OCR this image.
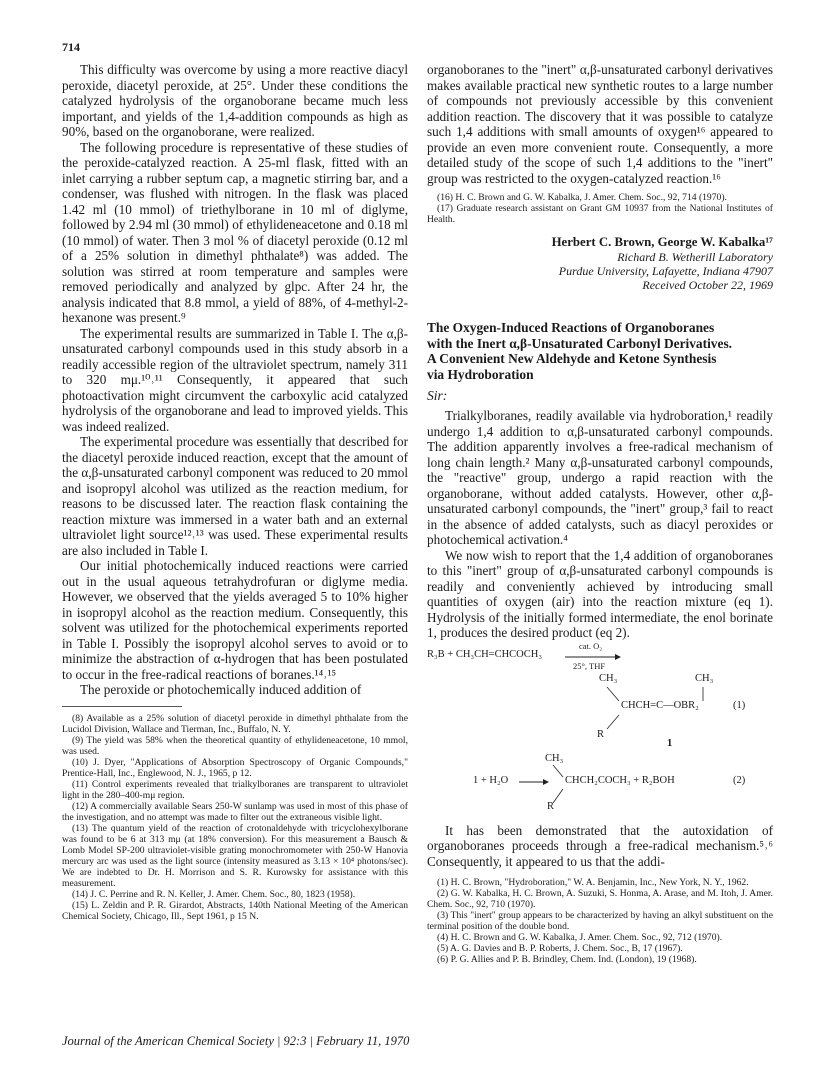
714

This difficulty was overcome by using a more reactive diacyl peroxide, diacetyl peroxide, at 25°. Under these conditions the catalyzed hydrolysis of the organoborane became much less important, and yields of the 1,4-addition compounds as high as 90%, based on the organoborane, were realized.

The following procedure is representative of these studies of the peroxide-catalyzed reaction. A 25-ml flask, fitted with an inlet carrying a rubber septum cap, a magnetic stirring bar, and a condenser, was flushed with nitrogen. In the flask was placed 1.42 ml (10 mmol) of triethylborane in 10 ml of diglyme, followed by 2.94 ml (30 mmol) of ethylideneacetone and 0.18 ml (10 mmol) of water. Then 3 mol % of diacetyl peroxide (0.12 ml of a 25% solution in dimethyl phthalate⁸) was added. The solution was stirred at room temperature and samples were removed periodically and analyzed by glpc. After 24 hr, the analysis indicated that 8.8 mmol, a yield of 88%, of 4-methyl-2-hexanone was present.⁹

The experimental results are summarized in Table I. The α,β-unsaturated carbonyl compounds used in this study absorb in a readily accessible region of the ultraviolet spectrum, namely 311 to 320 mμ.¹⁰˒¹¹ Consequently, it appeared that such photoactivation might circumvent the carboxylic acid catalyzed hydrolysis of the organoborane and lead to improved yields. This was indeed realized.

The experimental procedure was essentially that described for the diacetyl peroxide induced reaction, except that the amount of the α,β-unsaturated carbonyl component was reduced to 20 mmol and isopropyl alcohol was utilized as the reaction medium, for reasons to be discussed later. The reaction flask containing the reaction mixture was immersed in a water bath and an external ultraviolet light source¹²˒¹³ was used. These experimental results are also included in Table I.

Our initial photochemically induced reactions were carried out in the usual aqueous tetrahydrofuran or diglyme media. However, we observed that the yields averaged 5 to 10% higher in isopropyl alcohol as the reaction medium. Consequently, this solvent was utilized for the photochemical experiments reported in Table I. Possibly the isopropyl alcohol serves to avoid or to minimize the abstraction of α-hydrogen that has been postulated to occur in the free-radical reactions of boranes.¹⁴˒¹⁵

The peroxide or photochemically induced addition of

(8) Available as a 25% solution of diacetyl peroxide in dimethyl phthalate from the Lucidol Division, Wallace and Tierman, Inc., Buffalo, N. Y.

(9) The yield was 58% when the theoretical quantity of ethylideneacetone, 10 mmol, was used.

(10) J. Dyer, "Applications of Absorption Spectroscopy of Organic Compounds," Prentice-Hall, Inc., Englewood, N. J., 1965, p 12.

(11) Control experiments revealed that trialkylboranes are transparent to ultraviolet light in the 280–400-mμ region.

(12) A commercially available Sears 250-W sunlamp was used in most of this phase of the investigation, and no attempt was made to filter out the extraneous visible light.

(13) The quantum yield of the reaction of crotonaldehyde with tricyclohexylborane was found to be 6 at 313 mμ (at 18% conversion). For this measurement a Bausch & Lomb Model SP-200 ultraviolet-visible grating monochromometer with 250-W Hanovia mercury arc was used as the light source (intensity measured as 3.13 × 10⁴ photons/sec). We are indebted to Dr. H. Morrison and S. R. Kurowsky for assistance with this measurement.

(14) J. C. Perrine and R. N. Keller, J. Amer. Chem. Soc., 80, 1823 (1958).

(15) L. Zeldin and P. R. Girardot, Abstracts, 140th National Meeting of the American Chemical Society, Chicago, Ill., Sept 1961, p 15 N.

organoboranes to the "inert" α,β-unsaturated carbonyl derivatives makes available practical new synthetic routes to a large number of compounds not previously accessible by this convenient addition reaction. The discovery that it was possible to catalyze such 1,4 additions with small amounts of oxygen¹⁶ appeared to provide an even more convenient route. Consequently, a more detailed study of the scope of such 1,4 additions to the "inert" group was restricted to the oxygen-catalyzed reaction.¹⁶

(16) H. C. Brown and G. W. Kabalka, J. Amer. Chem. Soc., 92, 714 (1970).

(17) Graduate research assistant on Grant GM 10937 from the National Institutes of Health.

Herbert C. Brown, George W. Kabalka¹⁷
Richard B. Wetherill Laboratory
Purdue University, Lafayette, Indiana 47907
Received October 22, 1969
The Oxygen-Induced Reactions of Organoboranes
with the Inert α,β-Unsaturated Carbonyl Derivatives.
A Convenient New Aldehyde and Ketone Synthesis
via Hydroboration
Sir:

Trialkylboranes, readily available via hydroboration,¹ readily undergo 1,4 addition to α,β-unsaturated carbonyl compounds. The addition apparently involves a free-radical mechanism of long chain length.² Many α,β-unsaturated carbonyl compounds, the "reactive" group, undergo a rapid reaction with the organoborane, without added catalysts. However, other α,β-unsaturated carbonyl compounds, the "inert" group,³ fail to react in the absence of added catalysts, such as diacyl peroxides or photochemical activation.⁴

We now wish to report that the 1,4 addition of organoboranes to this "inert" group of α,β-unsaturated carbonyl compounds is readily and conveniently achieved by introducing small quantities of oxygen (air) into the reaction mixture (eq 1). Hydrolysis of the initially formed intermediate, the enol borinate 1, produces the desired product (eq 2).

R₃B + CH₃CH=CHCOCH₃
cat. O₂
25°, THF
CH₃	CH₃
CHCH=C—OBR₂	(1)
R
1
CH₃
1 + H₂O → CHCH₂COCH₃ + R₂BOH	(2)
R

It has been demonstrated that the autoxidation of organoboranes proceeds through a free-radical mechanism.⁵˒⁶ Consequently, it appeared to us that the addi-

(1) H. C. Brown, "Hydroboration," W. A. Benjamin, Inc., New York, N. Y., 1962.

(2) G. W. Kabalka, H. C. Brown, A. Suzuki, S. Honma, A. Arase, and M. Itoh, J. Amer. Chem. Soc., 92, 710 (1970).

(3) This "inert" group appears to be characterized by having an alkyl substituent on the terminal position of the double bond.

(4) H. C. Brown and G. W. Kabalka, J. Amer. Chem. Soc., 92, 712 (1970).

(5) A. G. Davies and B. P. Roberts, J. Chem. Soc., B, 17 (1967).

(6) P. G. Allies and P. B. Brindley, Chem. Ind. (London), 19 (1968).

Journal of the American Chemical Society | 92:3 | February 11, 1970
